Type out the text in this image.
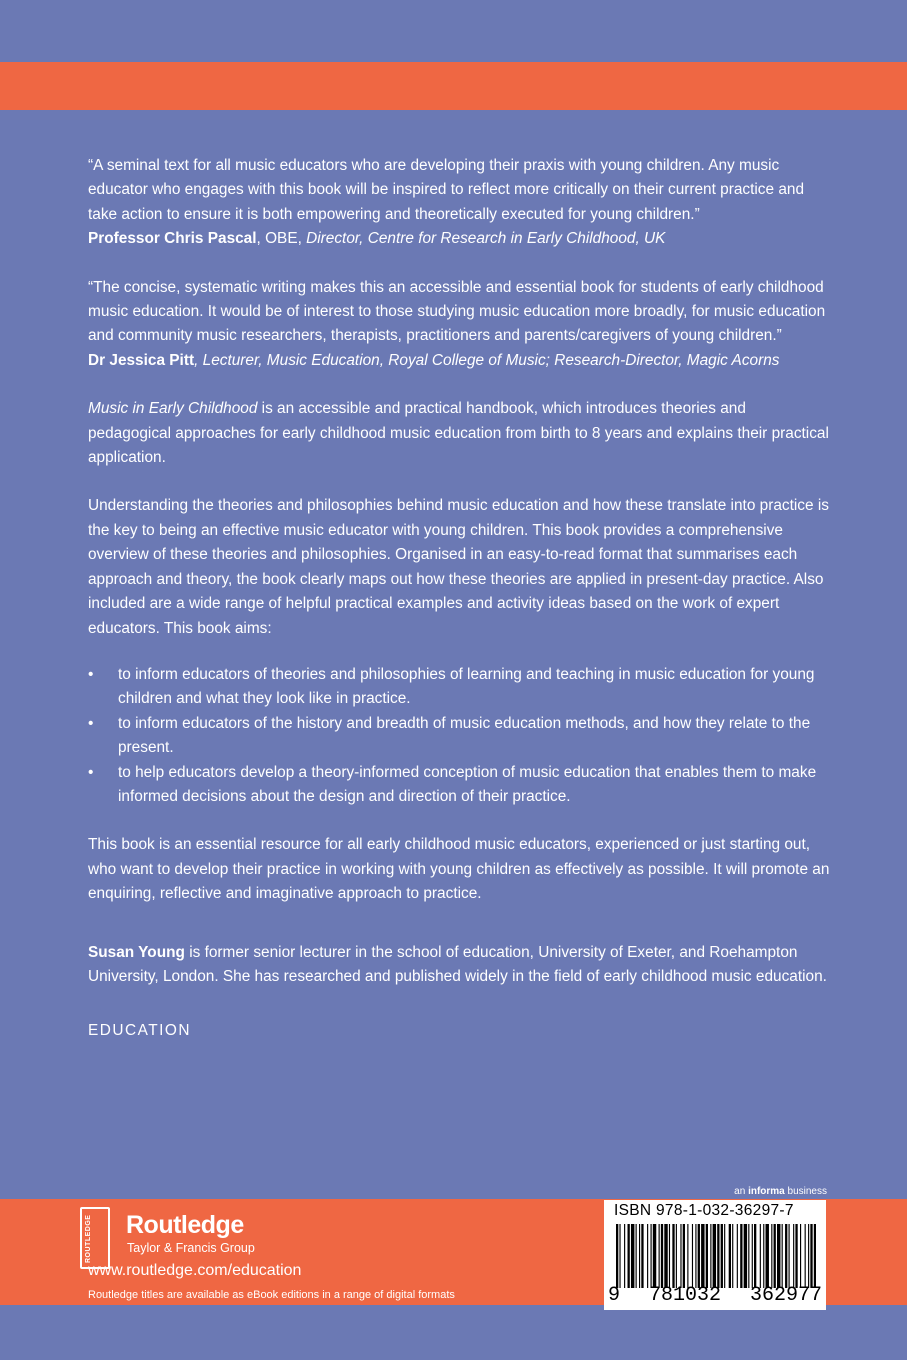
“A seminal text for all music educators who are developing their praxis with young children. Any music educator who engages with this book will be inspired to reflect more critically on their current practice and take action to ensure it is both empowering and theoretically executed for young children.”

Professor Chris Pascal, OBE, Director, Centre for Research in Early Childhood, UK

“The concise, systematic writing makes this an accessible and essential book for students of early childhood music education. It would be of interest to those studying music education more broadly, for music education and community music researchers, therapists, practitioners and parents/caregivers of young children.”

Dr Jessica Pitt, Lecturer, Music Education, Royal College of Music; Research-Director, Magic Acorns

Music in Early Childhood is an accessible and practical handbook, which introduces theories and pedagogical approaches for early childhood music education from birth to 8 years and explains their practical application.

Understanding the theories and philosophies behind music education and how these translate into practice is the key to being an effective music educator with young children. This book provides a comprehensive overview of these theories and philosophies. Organised in an easy-to-read format that summarises each approach and theory, the book clearly maps out how these theories are applied in present-day practice. Also included are a wide range of helpful practical examples and activity ideas based on the work of expert educators. This book aims:

• to inform educators of theories and philosophies of learning and teaching in music education for young children and what they look like in practice.
• to inform educators of the history and breadth of music education methods, and how they relate to the present.
• to help educators develop a theory-informed conception of music education that enables them to make informed decisions about the design and direction of their practice.

This book is an essential resource for all early childhood music educators, experienced or just starting out, who want to develop their practice in working with young children as effectively as possible. It will promote an enquiring, reflective and imaginative approach to practice.

Susan Young is former senior lecturer in the school of education, University of Exeter, and Roehampton University, London. She has researched and published widely in the field of early childhood music education.

EDUCATION
an informa business
ROUTLEDGE	Routledge
Taylor & Francis Group
www.routledge.com/education
Routledge titles are available as eBook editions in a range of digital formats
ISBN 978-1-032-36297-7
9 781032 362977
